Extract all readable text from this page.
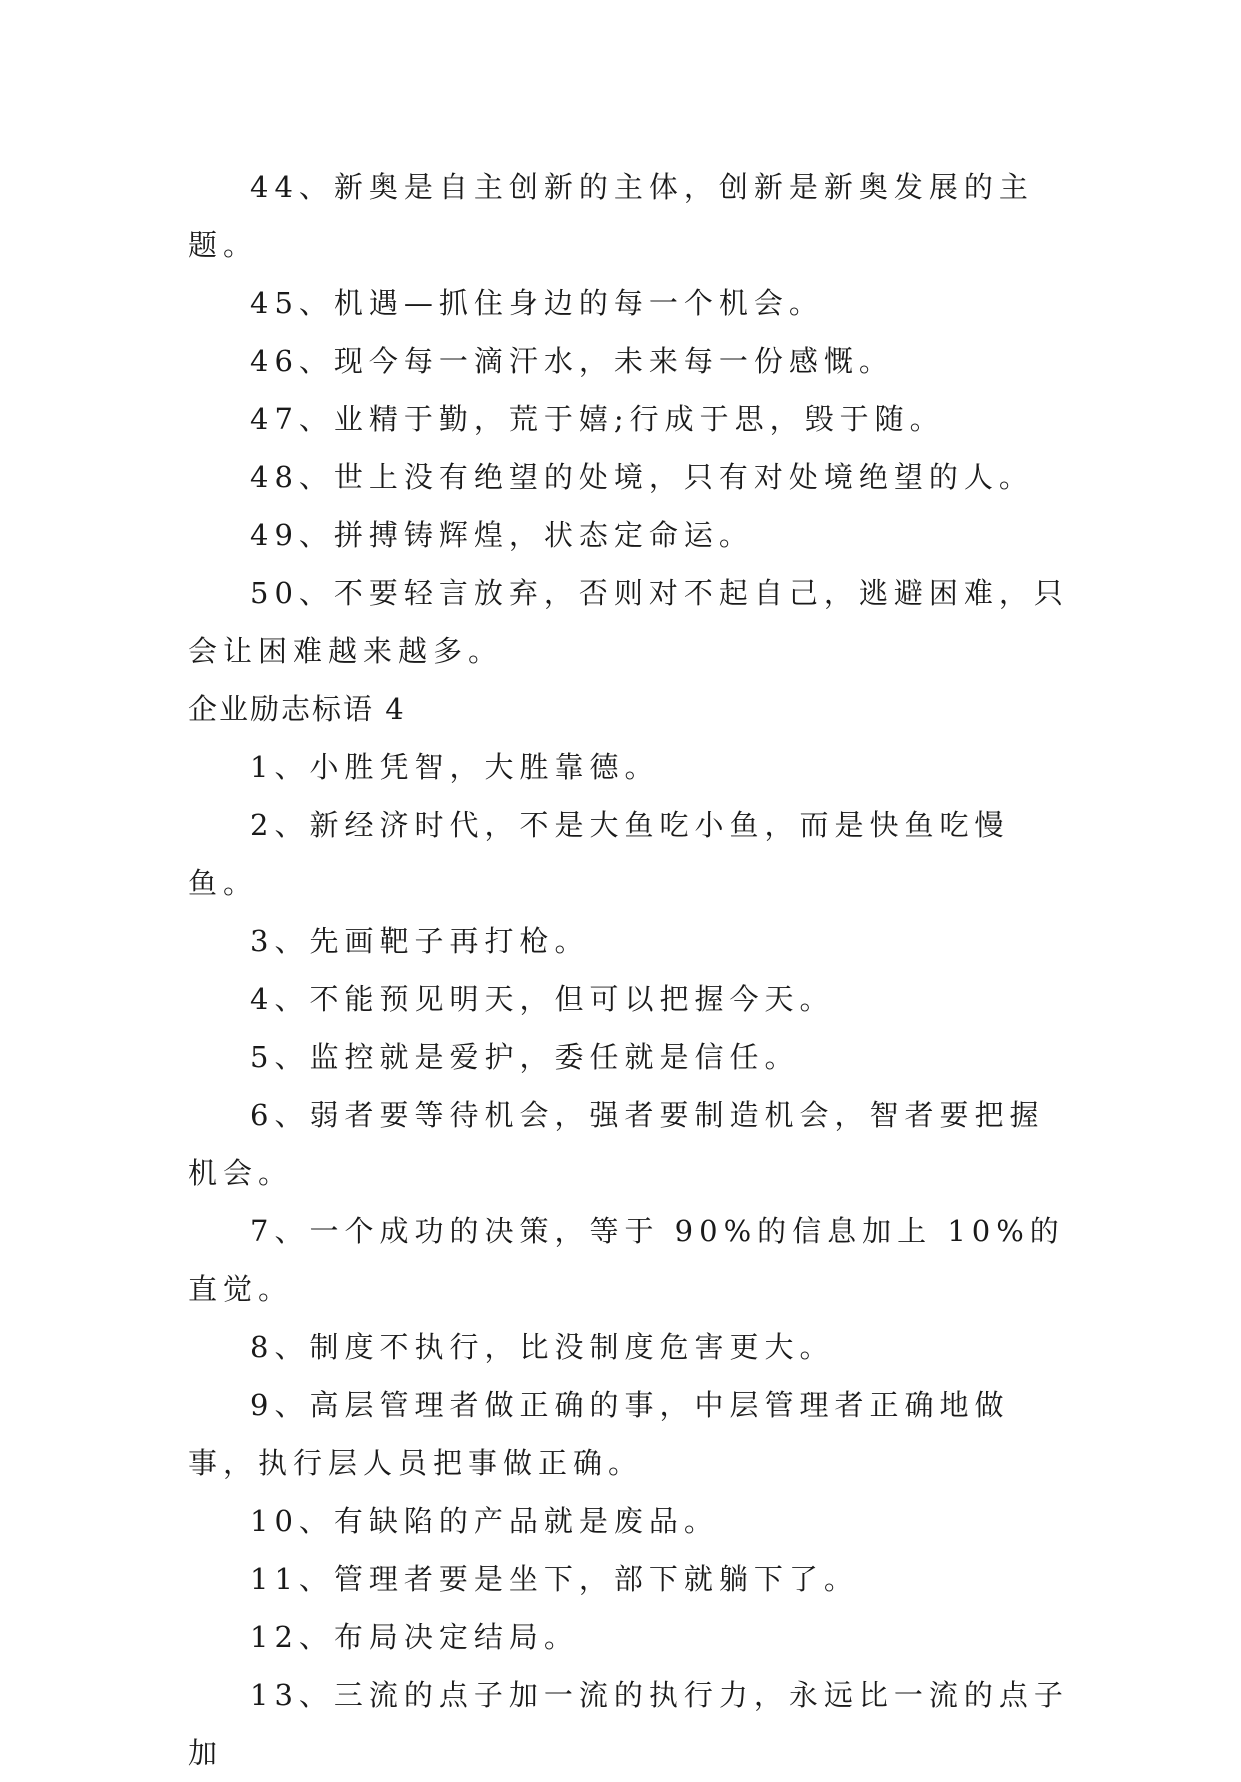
44、新奥是自主创新的主体，创新是新奥发展的主题。

45、机遇—抓住身边的每一个机会。

46、现今每一滴汗水，未来每一份感慨。

47、业精于勤，荒于嬉;行成于思，毁于随。

48、世上没有绝望的处境，只有对处境绝望的人。

49、拼搏铸辉煌，状态定命运。

50、不要轻言放弃，否则对不起自己，逃避困难，只会让困难越来越多。

企业励志标语 4

1、小胜凭智，大胜靠德。

2、新经济时代，不是大鱼吃小鱼，而是快鱼吃慢鱼。

3、先画靶子再打枪。

4、不能预见明天，但可以把握今天。

5、监控就是爱护，委任就是信任。

6、弱者要等待机会，强者要制造机会，智者要把握机会。

7、一个成功的决策，等于 90%的信息加上 10%的直觉。

8、制度不执行，比没制度危害更大。

9、高层管理者做正确的事，中层管理者正确地做事，执行层人员把事做正确。

10、有缺陷的产品就是废品。

11、管理者要是坐下，部下就躺下了。

12、布局决定结局。

13、三流的点子加一流的执行力，永远比一流的点子加
